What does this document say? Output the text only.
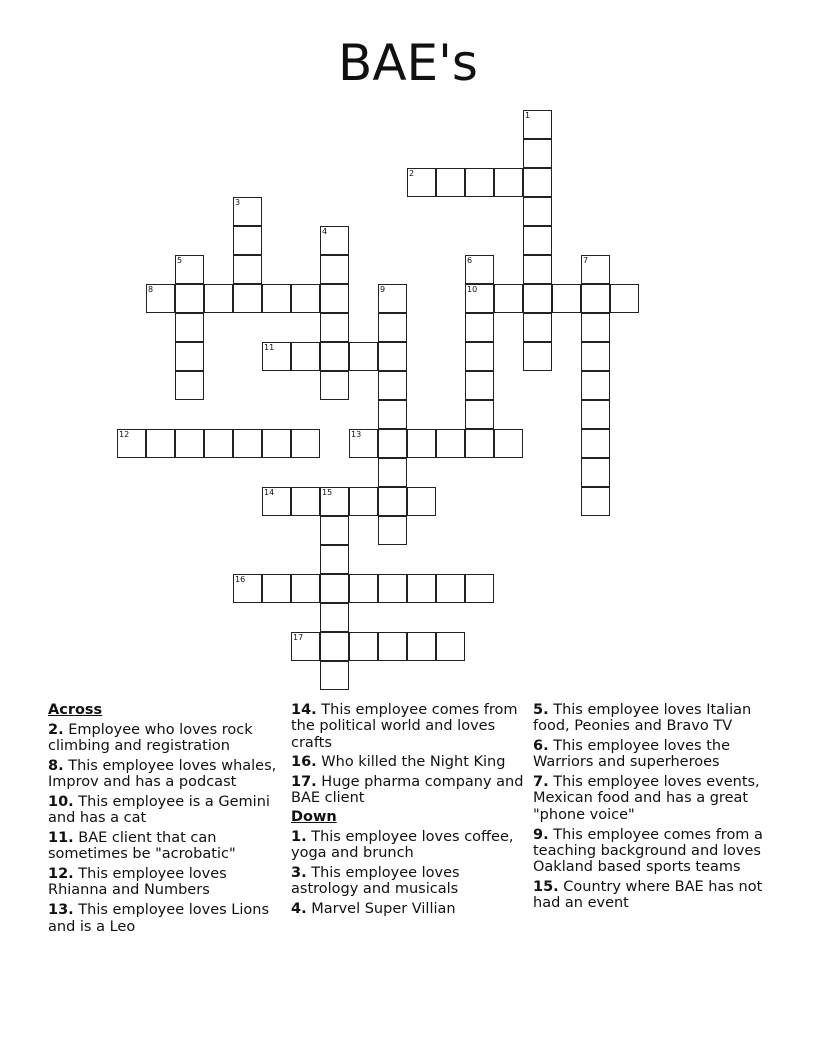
BAE's
1
2
3
4
5	6
10
7
8	9
11
12	13
14	15
16
17
Across
2. Employee who loves rock climbing and registration
8. This employee loves whales, Improv and has a podcast
10. This employee is a Gemini and has a cat
11. BAE client that can sometimes be "acrobatic"
12. This employee loves Rhianna and Numbers
13. This employee loves Lions and is a Leo
14. This employee comes from the political world and loves crafts
16. Who killed the Night King
17. Huge pharma company and BAE client
Down
1. This employee loves coffee, yoga and brunch
3. This employee loves astrology and musicals
4. Marvel Super Villian
5. This employee loves Italian food, Peonies and Bravo TV
6. This employee loves the Warriors and superheroes
7. This employee loves events, Mexican food and has a great "phone voice"
9. This employee comes from a teaching background and loves Oakland based sports teams
15. Country where BAE has not had an event
